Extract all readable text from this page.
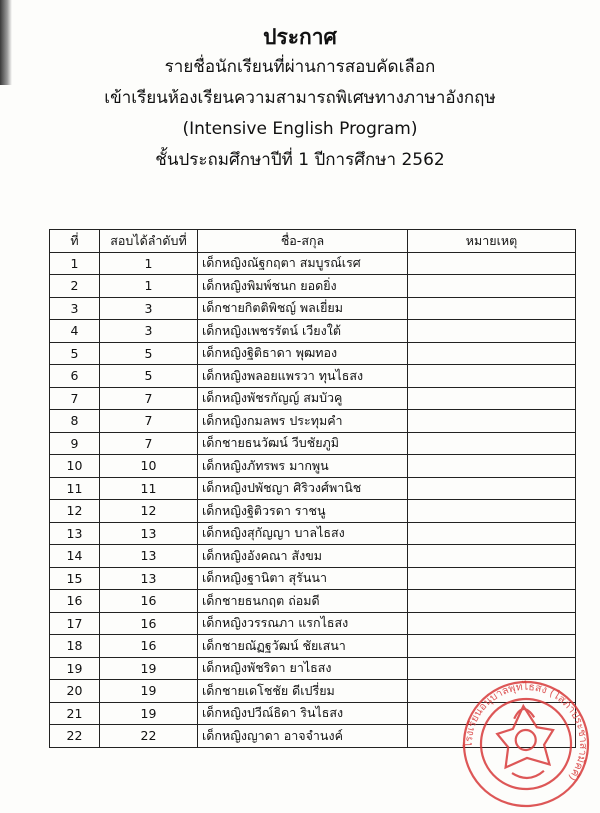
ประกาศ
รายชื่อนักเรียนที่ผ่านการสอบคัดเลือก
เข้าเรียนห้องเรียนความสามารถพิเศษทางภาษาอังกฤษ
(Intensive English Program)
ชั้นประถมศึกษาปีที่ 1 ปีการศึกษา 2562
ที่	สอบได้ลำดับที่	ชื่อ-สกุล	หมายเหตุ
1	1	เด็กหญิงณัฐกฤตา สมบูรณ์เรศ	
2	1	เด็กหญิงพิมพ์ชนก ยอดยิ่ง	
3	3	เด็กชายกิตติพิชญ์ พลเยี่ยม	
4	3	เด็กหญิงเพชรรัตน์ เวียงใต้	
5	5	เด็กหญิงฐิติธาดา พุฒทอง	
6	5	เด็กหญิงพลอยแพรวา ทุนไธสง	
7	7	เด็กหญิงพัชรกัญญ์ สมบัวคู	
8	7	เด็กหญิงกมลพร ประทุมคำ	
9	7	เด็กชายธนวัฒน์ วีบชัยภูมิ	
10	10	เด็กหญิงภัทรพร มากพูน	
11	11	เด็กหญิงปพัชญา ศิริวงศ์พานิช	
12	12	เด็กหญิงฐิติวรดา ราชนู	
13	13	เด็กหญิงสุกัญญา บาลไธสง	
14	13	เด็กหญิงอังคณา สังขม	
15	13	เด็กหญิงฐานิตา สุรันนา	
16	16	เด็กชายธนกฤต ถ่อมดี	
17	16	เด็กหญิงวรรณภา แรกไธสง	
18	16	เด็กชายณัฏฐวัฒน์ ชัยเสนา	
19	19	เด็กหญิงพัชริดา ยาไธสง	
20	19	เด็กชายเดโชชัย ดีเปรี่ยม	
21	19	เด็กหญิงปวีณ์ธิดา รินไธสง	
22	22	เด็กหญิงญาดา อาจจำนงค์	
โรงเรียนอนุบาลพุทไธสง (โสภาประชาสามัคคี)
